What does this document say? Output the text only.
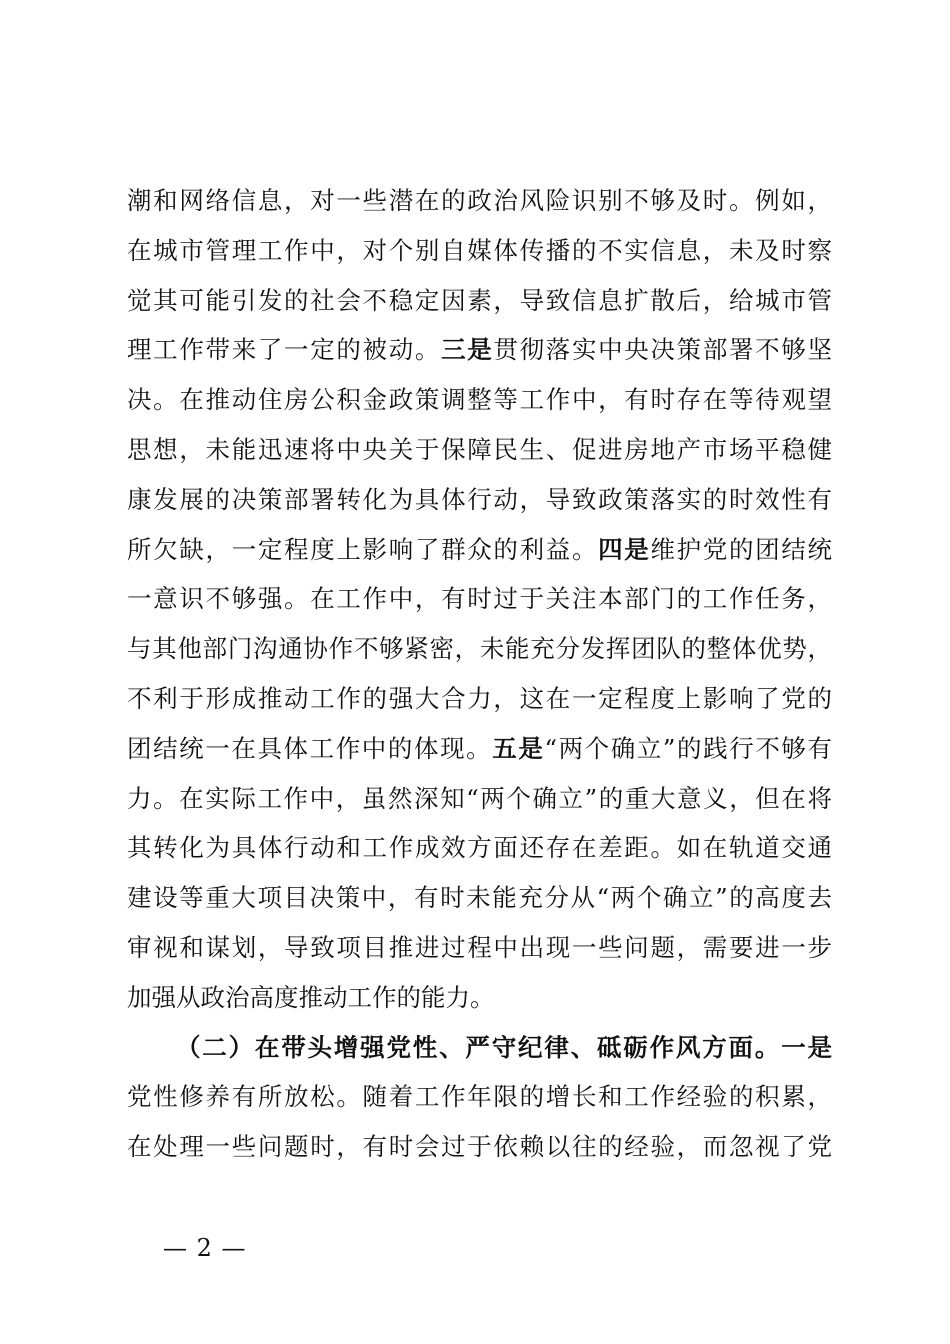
潮和网络信息，对一些潜在的政治风险识别不够及时。例如，
在城市管理工作中，对个别自媒体传播的不实信息，未及时察
觉其可能引发的社会不稳定因素，导致信息扩散后，给城市管
理工作带来了一定的被动。三是贯彻落实中央决策部署不够坚
决。在推动住房公积金政策调整等工作中，有时存在等待观望
思想，未能迅速将中央关于保障民生、促进房地产市场平稳健
康发展的决策部署转化为具体行动，导致政策落实的时效性有
所欠缺，一定程度上影响了群众的利益。四是维护党的团结统
一意识不够强。在工作中，有时过于关注本部门的工作任务，
与其他部门沟通协作不够紧密，未能充分发挥团队的整体优势，
不利于形成推动工作的强大合力，这在一定程度上影响了党的
团结统一在具体工作中的体现。五是“两个确立”的践行不够有
力。在实际工作中，虽然深知“两个确立”的重大意义，但在将
其转化为具体行动和工作成效方面还存在差距。如在轨道交通
建设等重大项目决策中，有时未能充分从“两个确立”的高度去
审视和谋划，导致项目推进过程中出现一些问题，需要进一步
加强从政治高度推动工作的能力。

（二）在带头增强党性、严守纪律、砥砺作风方面。一是
党性修养有所放松。随着工作年限的增长和工作经验的积累，
在处理一些问题时，有时会过于依赖以往的经验，而忽视了党

— 2 —
